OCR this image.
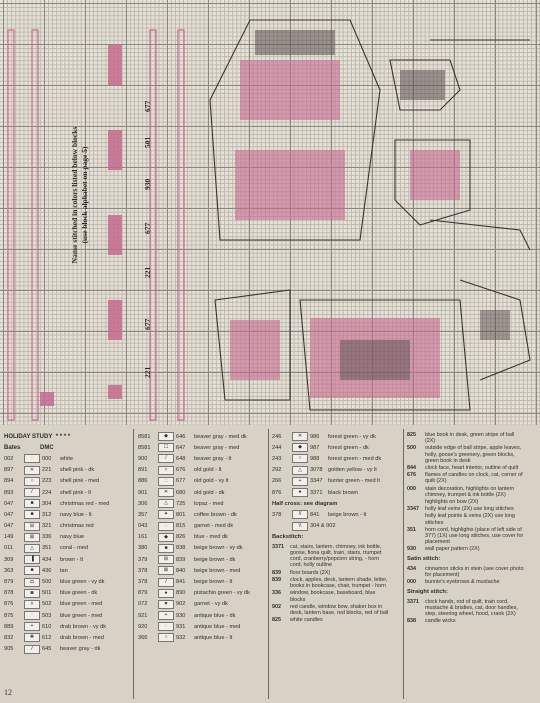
Name stitched in colors listed below blocks (use block alphabet on page 5)
677
501
930
677
221
677
221
HOLIDAY STUDY
* * * *
Bates	DMC
002	·	000	white
897	✕	221	shell pink - dk
894	○	223	shell pink - med
893	/	224	shell pink - lt
047	■	304	christmas red - med
047	■	312	navy blue - lt
047	⊞	321	christmas red
149	⊠	336	navy blue
011	△	351	coral - med
309	▐	434	brown - lt
363	■	436	tan
879	◘	500	blue green - vy dk
878	◙	501	blue green - dk
876	◊	502	blue green - med
875	·	503	blue green - med
889	+	610	drab brown - vy dk
832	✚	612	drab brown - med
905	/	645	beaver gray - dk
8581	◆	646	beaver gray - med dk
8581	☐	647	beaver gray - med
900	/	648	beaver gray - lt
891	≈	676	old gold - lt
886	∴	677	old gold - vy lt
901	✕	680	old gold - dk
306	△	725	topaz - med
357	✦	801	coffee brown - dk
043	·	815	garnet - med dk
161	◆	826	blue - med dk
380	■	838	beige brown - vy dk
379	⊞	839	beige brown - dk
378	⊠	840	beige brown - med
378	/	841	beige brown - lt
879	●	890	pistachio green - vy dk
072	▼	902	garnet - vy dk
921	+	930	antique blue - dk
920	·	931	antique blue - med
366	○	932	antique blue - lt
246	✕	986	forest green - vy dk
244	◆	987	forest green - dk
243	○	988	forest green - med dk
292	△	3078 golden yellow - vy lt
266	+	3347 hunter green - med lt
876	●	3371 black brown
Half cross: see diagram
378	//	841	beige brown - lt
\\	304 & 902
Backstitch:
3371	cat, stairs, lantern, chimney, ink bottle, goose, fiona quilt, train, stairs, trumpet cord, cranberry/popcorn string, - horn cord, holly outline
839	floor boards (2X)
839	clock, apples, desk, lantern shade, letter, books in bookcase, chair, trumpet - horn
336	window, bookcase, baseboard, blue blocks
902	red candle, window bow, shaker box in desk, lantern base, red blocks, red of ball
825	white candles
825	blue book in desk, green stripe of ball (2X)
500	outside edge of ball stripe, apple leaves, holly, goose's greenery, green blocks, green book in desk
844	clock face, heart interior, outline of quilt
676	flames of candles on clock, cat, corner of quilt (2X)
000	stain decoration, highlights on lantern chimney, trumpet & ink bottle (2X)
highlights on bow (2X)
3347	holly leaf veins (2X) use long stitches
holly leaf points & veins (2X) use long stitches
351	horn cord, highlights (place of left side of 377) (1X) use long stitches, use cover for placement
930	wall paper pattern (2X)
Satin stitch:
434	cinnamon sticks in stein (see cover photo for placement)
000	bunnie's eyebrows & mustache
Straight stitch:
3371	clock hands, rod of quilt, train cord, mustache & bristles, cat, door handles, step, steering wheel, hood, crank (2X)
838	candle wicks
12
